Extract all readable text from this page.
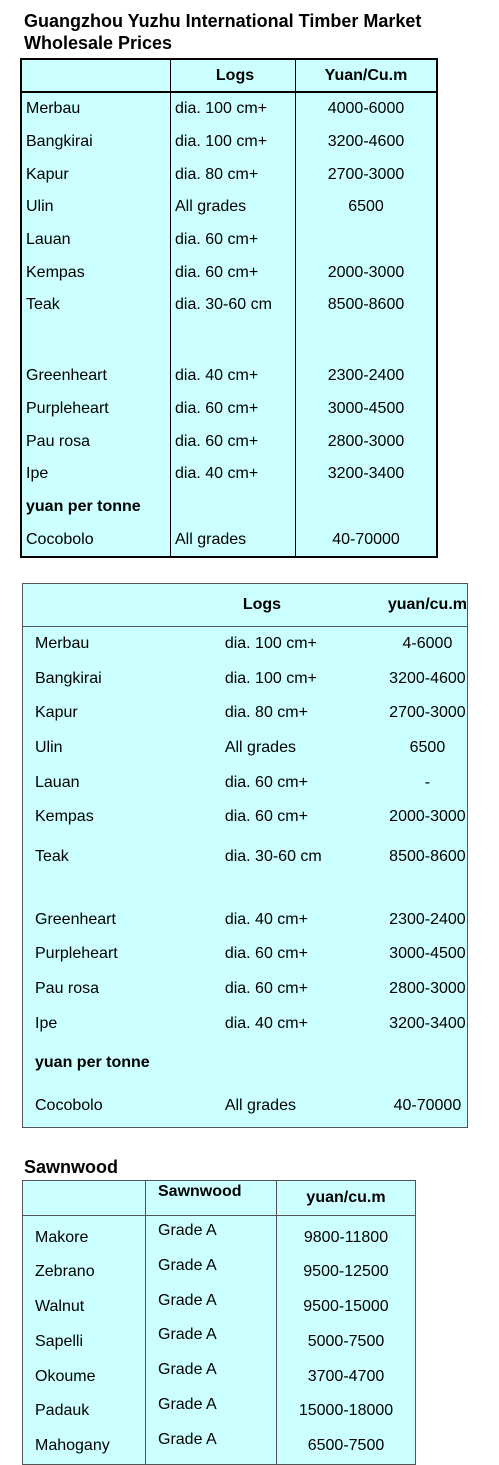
Guangzhou Yuzhu International Timber Market
Wholesale Prices
	Logs	Yuan/Cu.m
Merbau	dia. 100 cm+	4000-6000
Bangkirai	dia. 100 cm+	3200-4600
Kapur	dia. 80 cm+	2700-3000
Ulin	All grades	6500
Lauan	dia. 60 cm+	
Kempas	dia. 60 cm+	2000-3000
Teak	dia. 30-60 cm	8500-8600

Greenheart	dia. 40 cm+	2300-2400
Purpleheart	dia. 60 cm+	3000-4500
Pau rosa	dia. 60 cm+	2800-3000
Ipe	dia. 40 cm+	3200-3400
yuan per tonne		
Cocobolo	All grades	40-70000
	Logs	yuan/cu.m
Merbau	dia. 100 cm+	4-6000
Bangkirai	dia. 100 cm+	3200-4600
Kapur	dia. 80 cm+	2700-3000
Ulin	All grades	6500
Lauan	dia. 60 cm+	-
Kempas	dia. 60 cm+	2000-3000
Teak	dia. 30-60 cm	8500-8600

Greenheart	dia. 40 cm+	2300-2400
Purpleheart	dia. 60 cm+	3000-4500
Pau rosa	dia. 60 cm+	2800-3000
Ipe	dia. 40 cm+	3200-3400
yuan per tonne		
Cocobolo	All grades	40-70000
Sawnwood
	Sawnwood	yuan/cu.m
Makore	Grade A	9800-11800
Zebrano	Grade A	9500-12500
Walnut	Grade A	9500-15000
Sapelli	Grade A	5000-7500
Okoume	Grade A	3700-4700
Padauk	Grade A	15000-18000
Mahogany	Grade A	6500-7500
